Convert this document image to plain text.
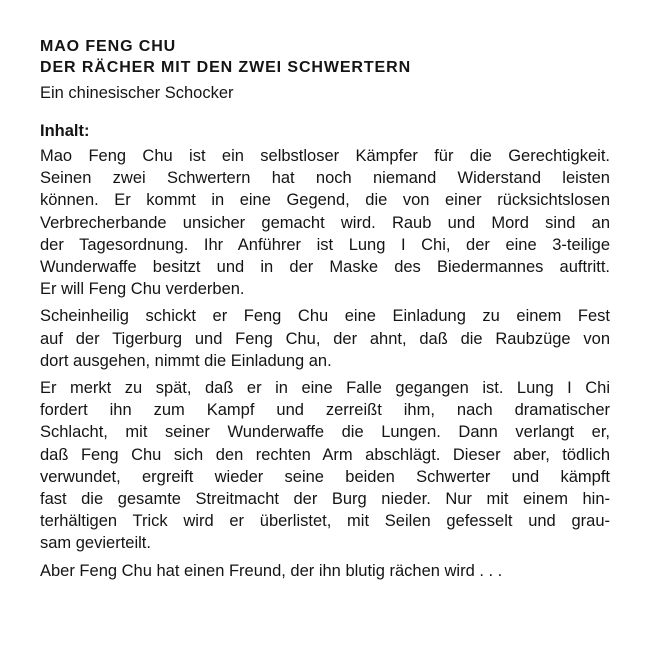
MAO FENG CHU
DER RÄCHER MIT DEN ZWEI SCHWERTERN
Ein chinesischer Schocker
Inhalt:
Mao Feng Chu ist ein selbstloser Kämpfer für die Gerechtigkeit.
Seinen zwei Schwertern hat noch niemand Widerstand leisten
können. Er kommt in eine Gegend, die von einer rücksichtslosen
Verbrecherbande unsicher gemacht wird. Raub und Mord sind an
der Tagesordnung. Ihr Anführer ist Lung I Chi, der eine 3-teilige
Wunderwaffe besitzt und in der Maske des Biedermannes auftritt.
Er will Feng Chu verderben.
Scheinheilig schickt er Feng Chu eine Einladung zu einem Fest
auf der Tigerburg und Feng Chu, der ahnt, daß die Raubzüge von
dort ausgehen, nimmt die Einladung an.
Er merkt zu spät, daß er in eine Falle gegangen ist. Lung I Chi
fordert ihn zum Kampf und zerreißt ihm, nach dramatischer
Schlacht, mit seiner Wunderwaffe die Lungen. Dann verlangt er,
daß Feng Chu sich den rechten Arm abschlägt. Dieser aber, tödlich
verwundet, ergreift wieder seine beiden Schwerter und kämpft
fast die gesamte Streitmacht der Burg nieder. Nur mit einem hin-
terhältigen Trick wird er überlistet, mit Seilen gefesselt und grau-
sam gevierteilt.
Aber Feng Chu hat einen Freund, der ihn blutig rächen wird . . .
